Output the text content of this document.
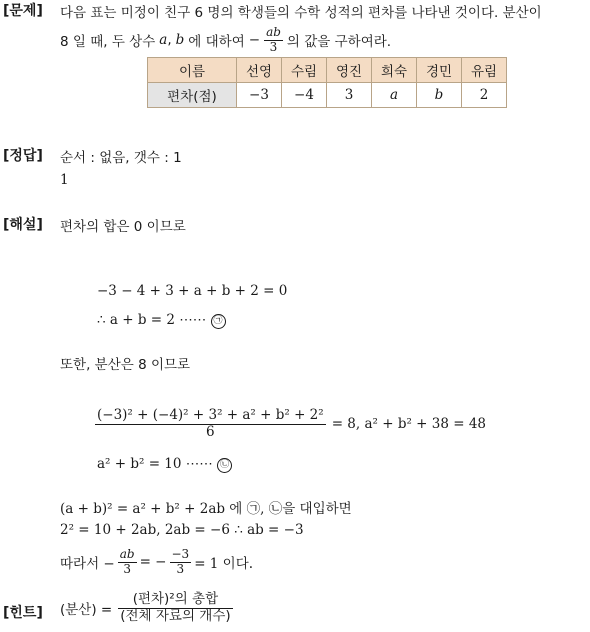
[문제] 다음 표는 미정이 친구 6 명의 학생들의 수학 성적의 편차를 나타낸 것이다. 분산이
8 일 때, 두 상수 a , b 에 대하여 − $\frac{ab}{3}$ 의 값을 구하여라.
이름	선영	수림	영진	희숙	경민	유림
편차(점)	−3	−4	3	a	b	2
[정답] 순서 : 없음, 갯수 : 1
1
[해설] 편차의 합은 0 이므로
−3 − 4 + 3 + a + b + 2 = 0
∴ a + b = 2 ⋯⋯ ㉠
또한, 분산은 8 이므로
$\frac{\text{(−3)² + (−4)² + 3² + a² + b² + 2²}}{6} = 8$, a² + b² + 38 = 48
a² + b² = 10 ⋯⋯ ㉡
(a + b)² = a² + b² + 2ab 에 ㉠, ㉡을 대입하면
2² = 10 + 2ab, 2ab = −6 ∴ ab = −3
따라서 − $\frac{ab}{3}$ = − $\frac{-3}{3} = 1$ 이다.
[힌트] (분산) = $\frac{\text{(편차)²의 총합}}{\text{(전체 자료의 개수)}}$
